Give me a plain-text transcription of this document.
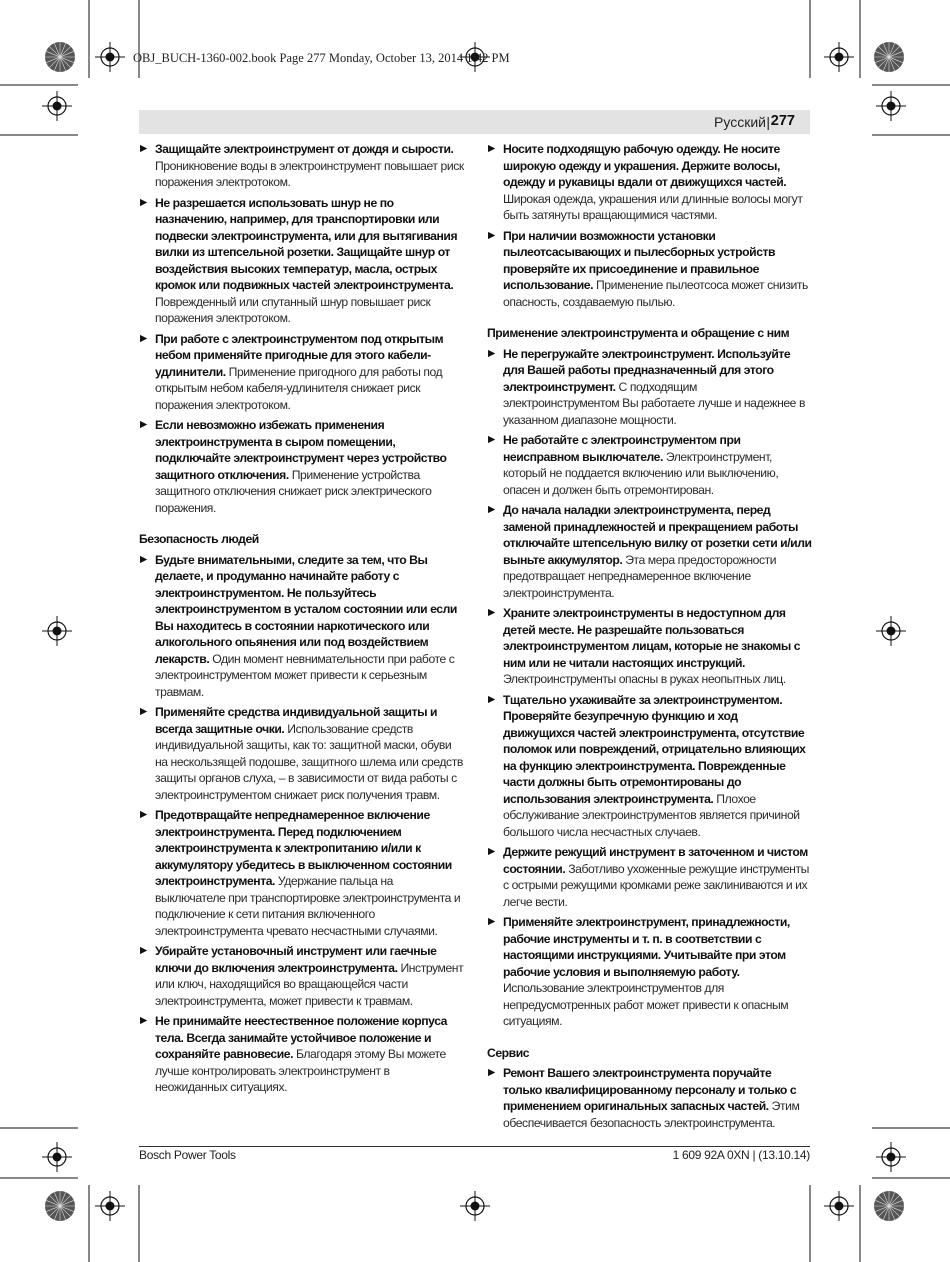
OBJ_BUCH-1360-002.book Page 277 Monday, October 13, 2014 1:42 PM
Русский | 277
▶ Защищайте электроинструмент от дождя и сырости. Проникновение воды в электроинструмент повышает риск поражения электротоком.
▶ Не разрешается использовать шнур не по назначению, например, для транспортировки или подвески электроинструмента, или для вытягивания вилки из штепсельной розетки. Защищайте шнур от воздействия высоких температур, масла, острых кромок или подвижных частей электроинструмента. Поврежденный или спутанный шнур повышает риск поражения электротоком.
▶ При работе с электроинструментом под открытым небом применяйте пригодные для этого кабели-удлинители. Применение пригодного для работы под открытым небом кабеля-удлинителя снижает риск поражения электротоком.
▶ Если невозможно избежать применения электроинструмента в сыром помещении, подключайте электроинструмент через устройство защитного отключения. Применение устройства защитного отключения снижает риск электрического поражения.
Безопасность людей
▶ Будьте внимательными, следите за тем, что Вы делаете, и продуманно начинайте работу с электроинструментом. Не пользуйтесь электроинструментом в усталом состоянии или если Вы находитесь в состоянии наркотического или алкогольного опьянения или под воздействием лекарств. Один момент невнимательности при работе с электроинструментом может привести к серьезным травмам.
▶ Применяйте средства индивидуальной защиты и всегда защитные очки. Использование средств индивидуальной защиты, как то: защитной маски, обуви на нескользящей подошве, защитного шлема или средств защиты органов слуха, – в зависимости от вида работы с электроинструментом снижает риск получения травм.
▶ Предотвращайте непреднамеренное включение электроинструмента. Перед подключением электроинструмента к электропитанию и/или к аккумулятору убедитесь в выключенном состоянии электроинструмента. Удержание пальца на выключателе при транспортировке электроинструмента и подключение к сети питания включенного электроинструмента чревато несчастными случаями.
▶ Убирайте установочный инструмент или гаечные ключи до включения электроинструмента. Инструмент или ключ, находящийся во вращающейся части электроинструмента, может привести к травмам.
▶ Не принимайте неестественное положение корпуса тела. Всегда занимайте устойчивое положение и сохраняйте равновесие. Благодаря этому Вы можете лучше контролировать электроинструмент в неожиданных ситуациях.
▶ Носите подходящую рабочую одежду. Не носите широкую одежду и украшения. Держите волосы, одежду и рукавицы вдали от движущихся частей. Широкая одежда, украшения или длинные волосы могут быть затянуты вращающимися частями.
▶ При наличии возможности установки пылеотсасывающих и пылесборных устройств проверяйте их присоединение и правильное использование. Применение пылеотсоса может снизить опасность, создаваемую пылью.
Применение электроинструмента и обращение с ним
▶ Не перегружайте электроинструмент. Используйте для Вашей работы предназначенный для этого электроинструмент. С подходящим электроинструментом Вы работаете лучше и надежнее в указанном диапазоне мощности.
▶ Не работайте с электроинструментом при неисправном выключателе. Электроинструмент, который не поддается включению или выключению, опасен и должен быть отремонтирован.
▶ До начала наладки электроинструмента, перед заменой принадлежностей и прекращением работы отключайте штепсельную вилку от розетки сети и/или выньте аккумулятор. Эта мера предосторожности предотвращает непреднамеренное включение электроинструмента.
▶ Храните электроинструменты в недоступном для детей месте. Не разрешайте пользоваться электроинструментом лицам, которые не знакомы с ним или не читали настоящих инструкций. Электроинструменты опасны в руках неопытных лиц.
▶ Тщательно ухаживайте за электроинструментом. Проверяйте безупречную функцию и ход движущихся частей электроинструмента, отсутствие поломок или повреждений, отрицательно влияющих на функцию электроинструмента. Поврежденные части должны быть отремонтированы до использования электроинструмента. Плохое обслуживание электроинструментов является причиной большого числа несчастных случаев.
▶ Держите режущий инструмент в заточенном и чистом состоянии. Заботливо ухоженные режущие инструменты с острыми режущими кромками реже заклиниваются и их легче вести.
▶ Применяйте электроинструмент, принадлежности, рабочие инструменты и т. п. в соответствии с настоящими инструкциями. Учитывайте при этом рабочие условия и выполняемую работу. Использование электроинструментов для непредусмотренных работ может привести к опасным ситуациям.
Сервис
▶ Ремонт Вашего электроинструмента поручайте только квалифицированному персоналу и только с применением оригинальных запасных частей. Этим обеспечивается безопасность электроинструмента.
Bosch Power Tools	1 609 92A 0XN | (13.10.14)
